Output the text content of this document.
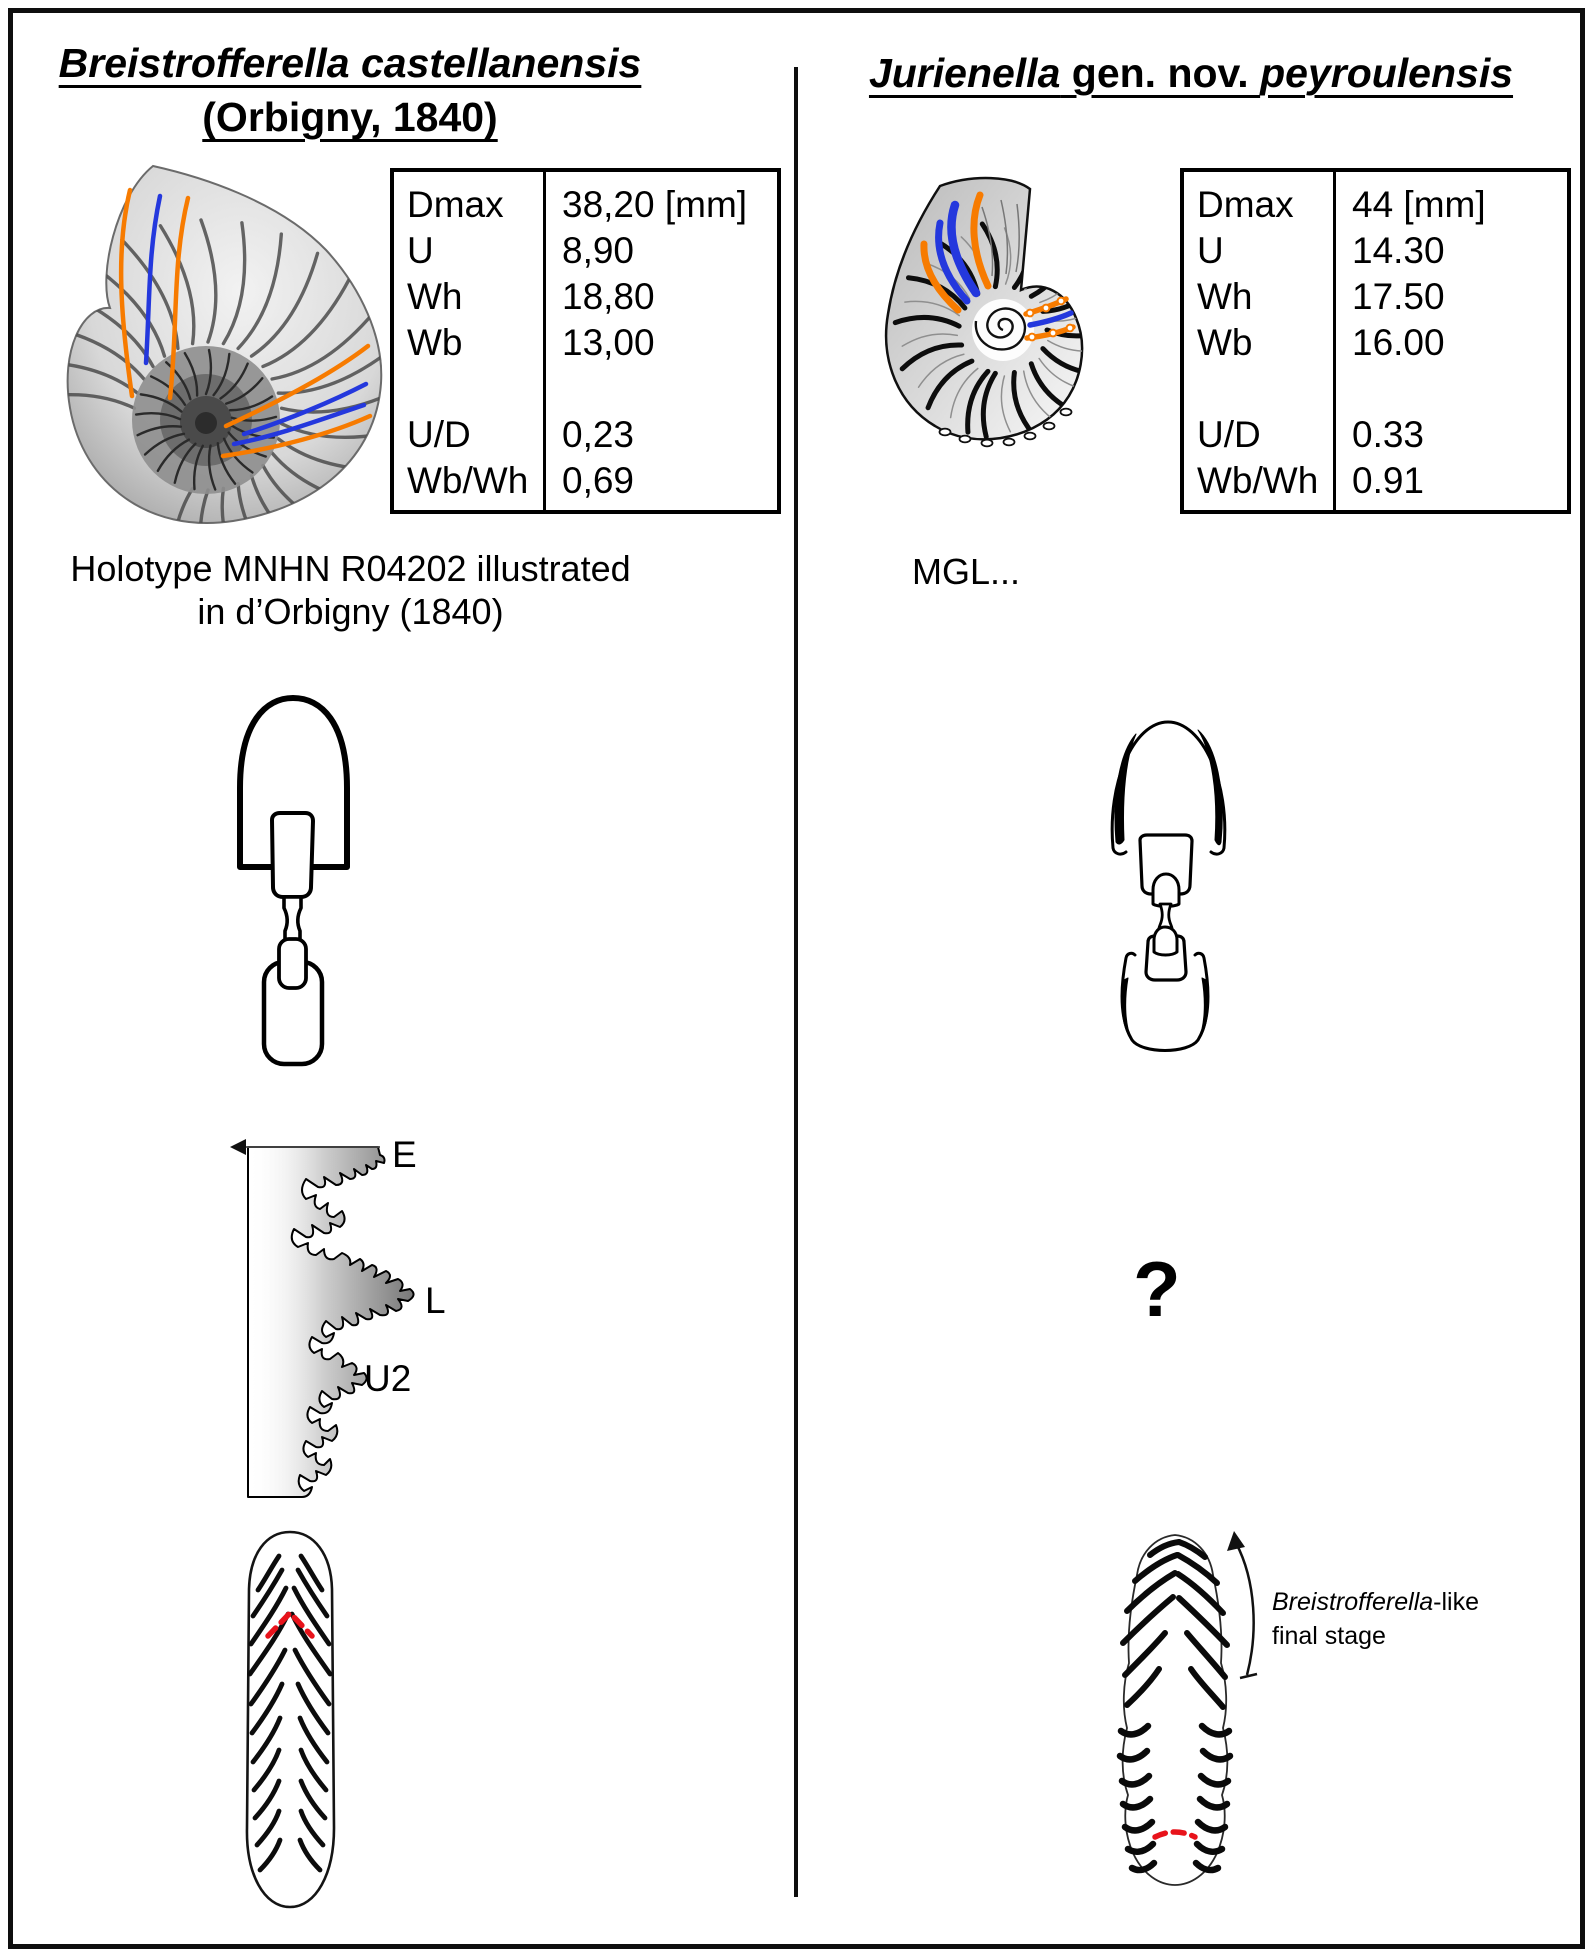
Breistrofferella castellanensis
(Orbigny, 1840)
Jurienella gen. nov. peyroulensis
Dmax	38,20 [mm]
U	8,90
Wh	18,80
Wb	13,00
U/D	0,23
Wb/Wh 0,69
Dmax	44 [mm]
U	14.30
Wh	17.50
Wb	16.00
U/D	0.33
Wb/Wh 0.91
Holotype MNHN R04202 illustrated
in d’Orbigny (1840)
MGL...
E
L
U2
?
Breistrofferella-like
final stage
